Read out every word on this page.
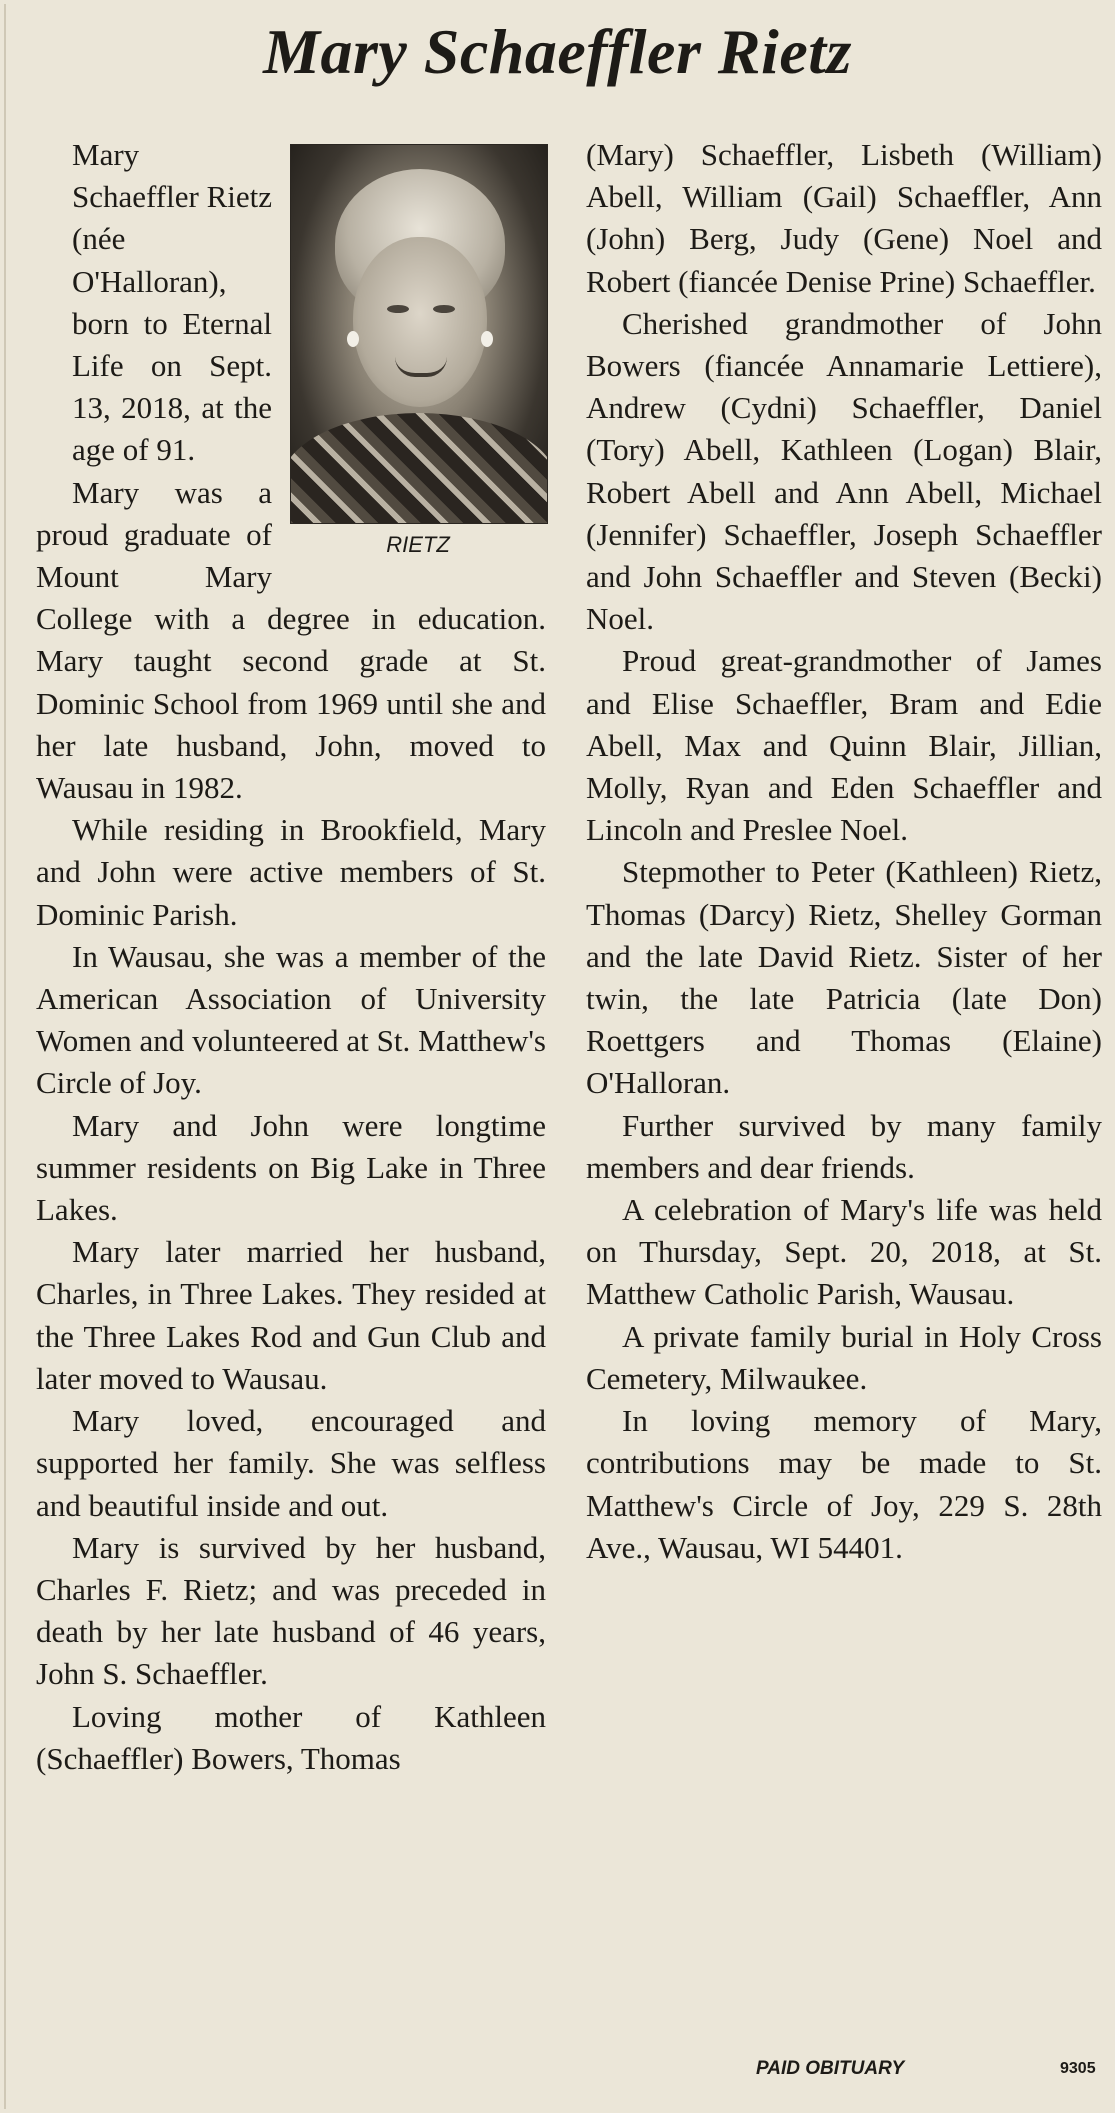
Mary Schaeffler Rietz
RIETZ

Mary Schaeffler Rietz (née O'Halloran), born to Eternal Life on Sept. 13, 2018, at the age of 91.

Mary was a proud graduate of Mount Mary College with a degree in education. Mary taught second grade at St. Dominic School from 1969 until she and her late husband, John, moved to Wausau in 1982.

While residing in Brookfield, Mary and John were active members of St. Dominic Parish.

In Wausau, she was a member of the American Association of University Women and volunteered at St. Matthew's Circle of Joy.

Mary and John were longtime summer residents on Big Lake in Three Lakes.

Mary later married her husband, Charles, in Three Lakes. They resided at the Three Lakes Rod and Gun Club and later moved to Wausau.

Mary loved, encouraged and supported her family. She was selfless and beautiful inside and out.

Mary is survived by her husband, Charles F. Rietz; and was preceded in death by her late husband of 46 years, John S. Schaeffler.

Loving mother of Kathleen (Schaeffler) Bowers, Thomas

(Mary) Schaeffler, Lisbeth (William) Abell, William (Gail) Schaeffler, Ann (John) Berg, Judy (Gene) Noel and Robert (fiancée Denise Prine) Schaeffler.

Cherished grandmother of John Bowers (fiancée Annamarie Lettiere), Andrew (Cydni) Schaeffler, Daniel (Tory) Abell, Kathleen (Logan) Blair, Robert Abell and Ann Abell, Michael (Jennifer) Schaeffler, Joseph Schaeffler and John Schaeffler and Steven (Becki) Noel.

Proud great-grandmother of James and Elise Schaeffler, Bram and Edie Abell, Max and Quinn Blair, Jillian, Molly, Ryan and Eden Schaeffler and Lincoln and Preslee Noel.

Stepmother to Peter (Kathleen) Rietz, Thomas (Darcy) Rietz, Shelley Gorman and the late David Rietz. Sister of her twin, the late Patricia (late Don) Roettgers and Thomas (Elaine) O'Halloran.

Further survived by many family members and dear friends.

A celebration of Mary's life was held on Thursday, Sept. 20, 2018, at St. Matthew Catholic Parish, Wausau.

A private family burial in Holy Cross Cemetery, Milwaukee.

In loving memory of Mary, contributions may be made to St. Matthew's Circle of Joy, 229 S. 28th Ave., Wausau, WI 54401.

PAID OBITUARY	9305
